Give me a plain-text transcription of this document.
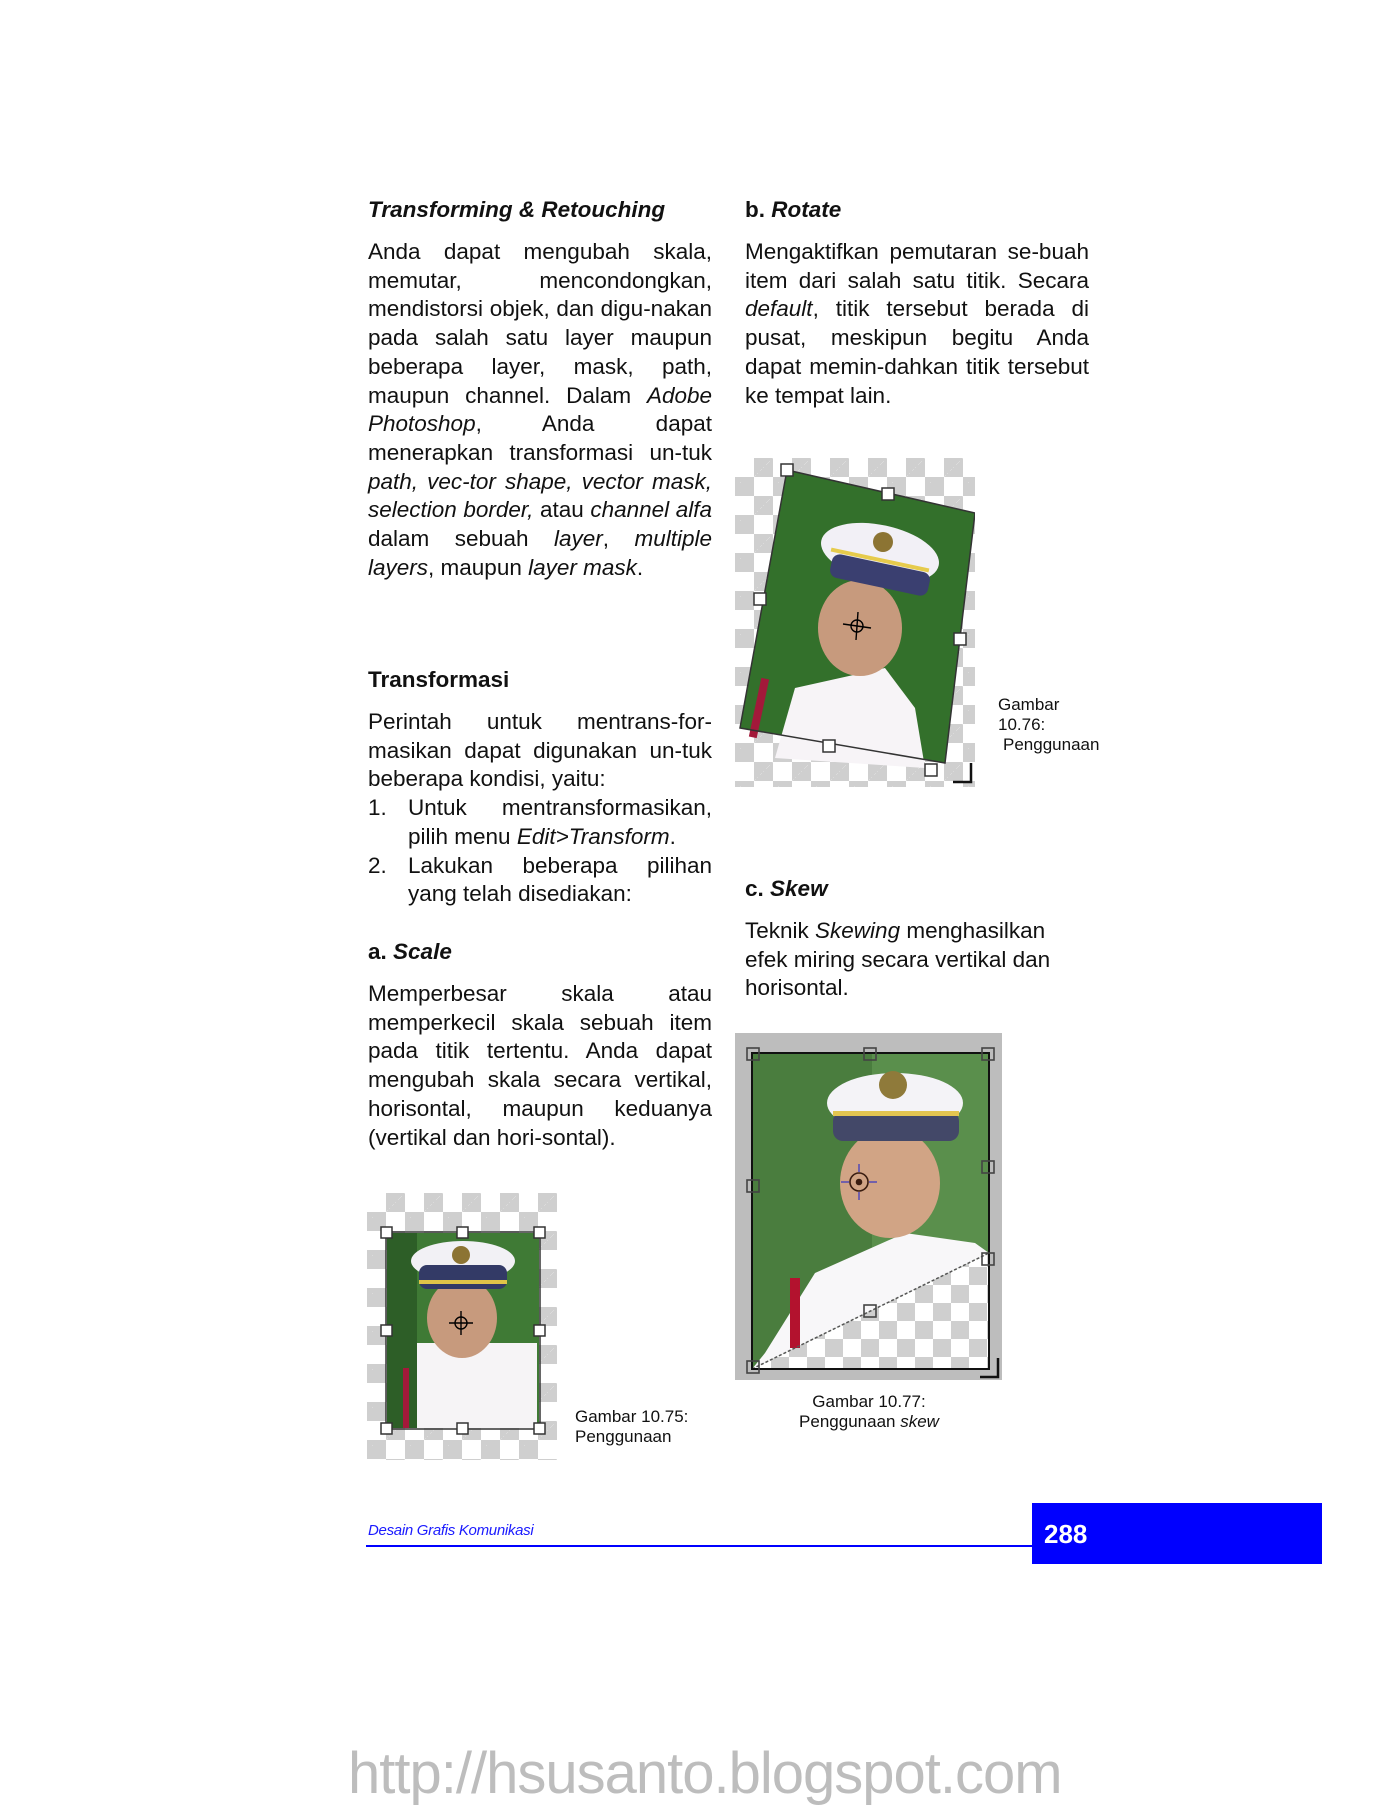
Transforming & Retouching

Anda dapat mengubah skala, memutar, mencondongkan, mendistorsi objek, dan digu-nakan pada salah satu layer maupun beberapa layer, mask, path, maupun channel. Dalam Adobe Photoshop, Anda dapat menerapkan transformasi un-tuk path, vec-tor shape, vector mask, selection border, atau channel alfa dalam sebuah layer, multiple layers, maupun layer mask.

Transformasi

Perintah untuk mentrans-for-masikan dapat digunakan un-tuk beberapa kondisi, yaitu:

1. Untuk mentransformasikan, pilih menu Edit>Transform.
2. Lakukan beberapa pilihan yang telah disediakan:
a. Scale

Memperbesar skala atau memperkecil skala sebuah item pada titik tertentu. Anda dapat mengubah skala secara vertikal, horisontal, maupun keduanya (vertikal dan hori-sontal).

Gambar 10.75:
Penggunaan
b. Rotate

Mengaktifkan pemutaran se-buah item dari salah satu titik. Secara default, titik tersebut berada di pusat, meskipun begitu Anda dapat memin-dahkan titik tersebut ke tempat lain.

Gambar
10.76:
Penggunaan
c. Skew

Teknik Skewing menghasilkan efek miring secara vertikal dan horisontal.

Gambar 10.77:
Penggunaan skew
Desain Grafis Komunikasi	288
http://hsusanto.blogspot.com
